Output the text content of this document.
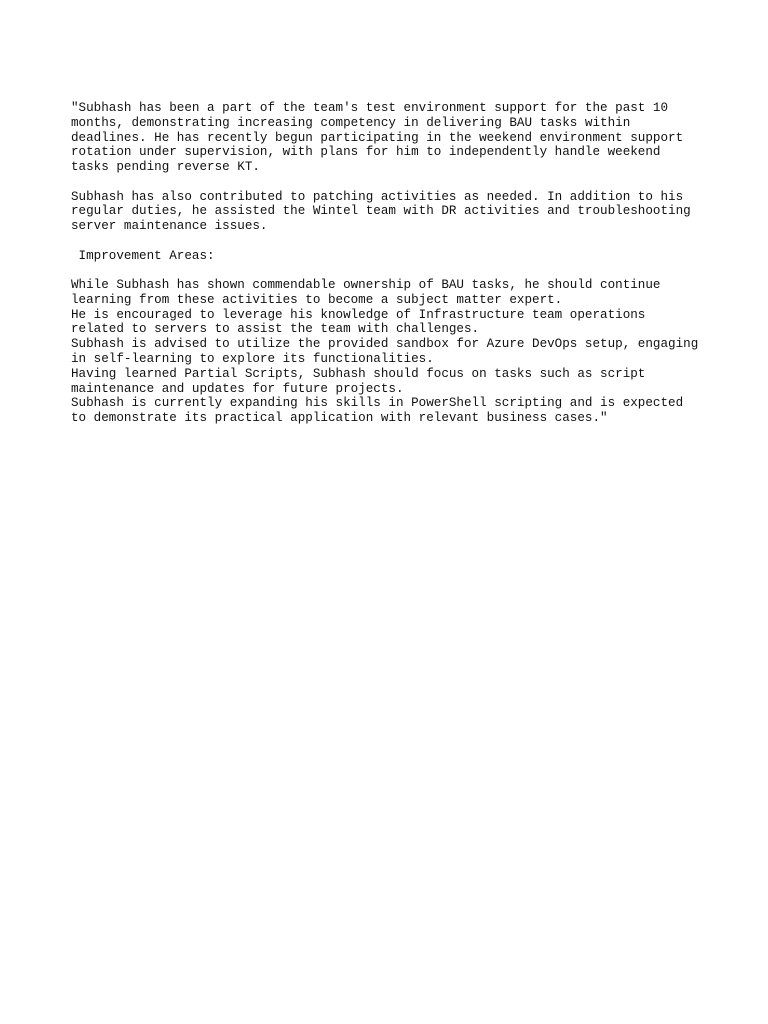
"Subhash has been a part of the team's test environment support for the past 10
months, demonstrating increasing competency in delivering BAU tasks within
deadlines. He has recently begun participating in the weekend environment support
rotation under supervision, with plans for him to independently handle weekend
tasks pending reverse KT.
Subhash has also contributed to patching activities as needed. In addition to his
regular duties, he assisted the Wintel team with DR activities and troubleshooting
server maintenance issues.
Improvement Areas:
While Subhash has shown commendable ownership of BAU tasks, he should continue
learning from these activities to become a subject matter expert.
He is encouraged to leverage his knowledge of Infrastructure team operations
related to servers to assist the team with challenges.
Subhash is advised to utilize the provided sandbox for Azure DevOps setup, engaging
in self-learning to explore its functionalities.
Having learned Partial Scripts, Subhash should focus on tasks such as script
maintenance and updates for future projects.
Subhash is currently expanding his skills in PowerShell scripting and is expected
to demonstrate its practical application with relevant business cases."
